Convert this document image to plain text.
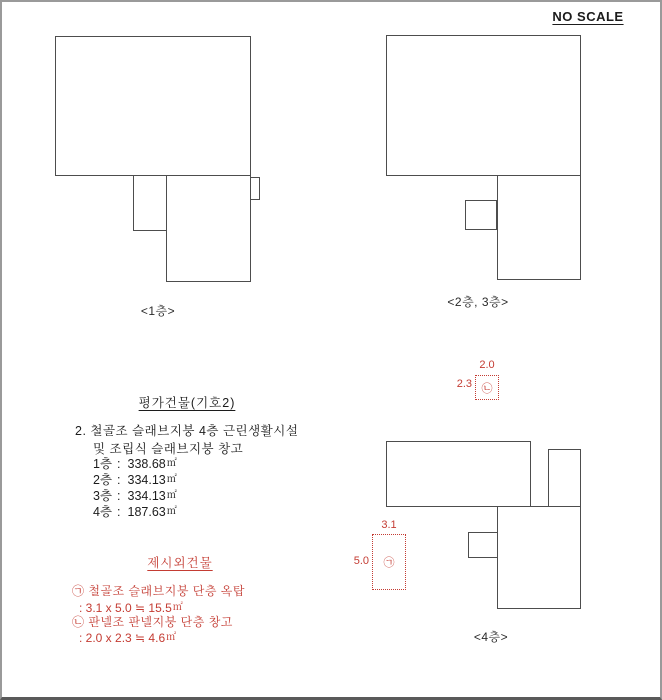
NO SCALE
<1층>
<2층, 3층>
2.0
2.3 ㉡
3.1
5.0 ㉠
<4층>
평가건물(기호2)
2. 철골조 슬래브지붕 4층 근린생활시설
및 조립식 슬래브지붕 창고
1층 : 338.68㎡
2층 : 334.13㎡
3층 : 334.13㎡
4층 : 187.63㎡
제시외건물
㉠ 철골조 슬래브지붕 단층 옥탑
: 3.1 x 5.0 ≒ 15.5㎡
㉡ 판넬조 판넬지붕 단층 창고
: 2.0 x 2.3 ≒ 4.6㎡
